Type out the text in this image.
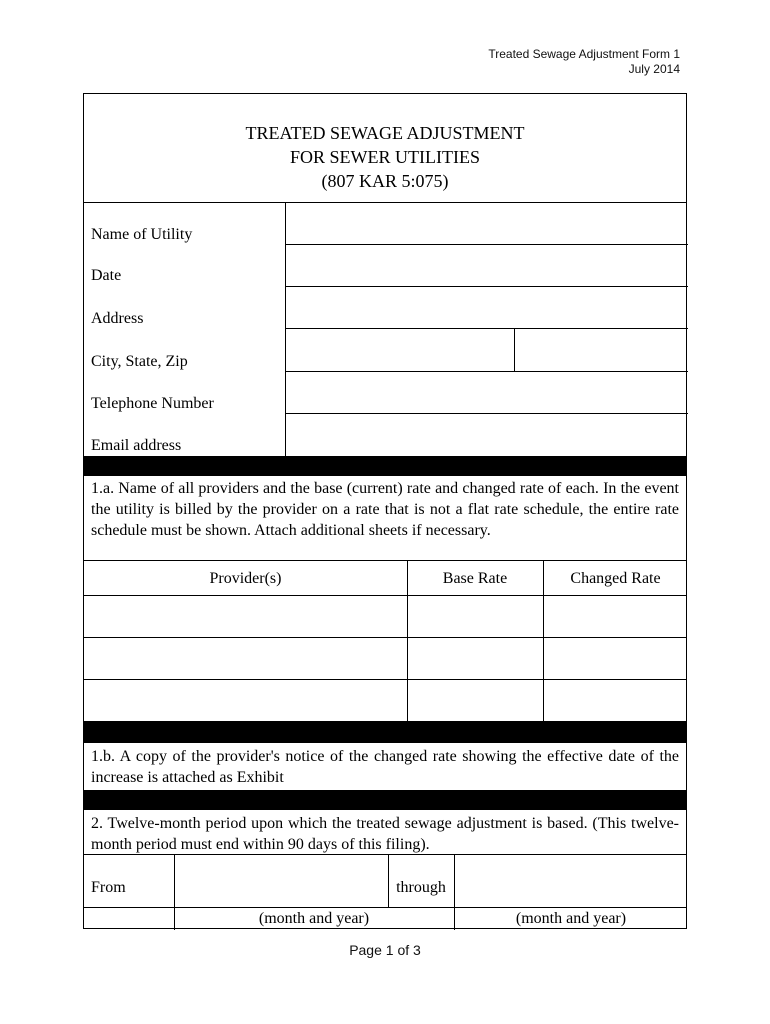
Treated Sewage Adjustment Form 1
July 2014
TREATED SEWAGE ADJUSTMENT
FOR SEWER UTILITIES
(807 KAR 5:075)
Name of Utility
Date
Address
City, State, Zip
Telephone Number
Email address
1.a. Name of all providers and the base (current) rate and changed rate of each. In the event the utility is billed by the provider on a rate that is not a flat rate schedule, the entire rate schedule must be shown. Attach additional sheets if necessary.
Provider(s)	Base Rate	Changed Rate
1.b. A copy of the provider's notice of the changed rate showing the effective date of the increase is attached as Exhibit
2. Twelve-month period upon which the treated sewage adjustment is based. (This twelve-month period must end within 90 days of this filing).
From	through
(month and year)	(month and year)
Page 1 of 3
